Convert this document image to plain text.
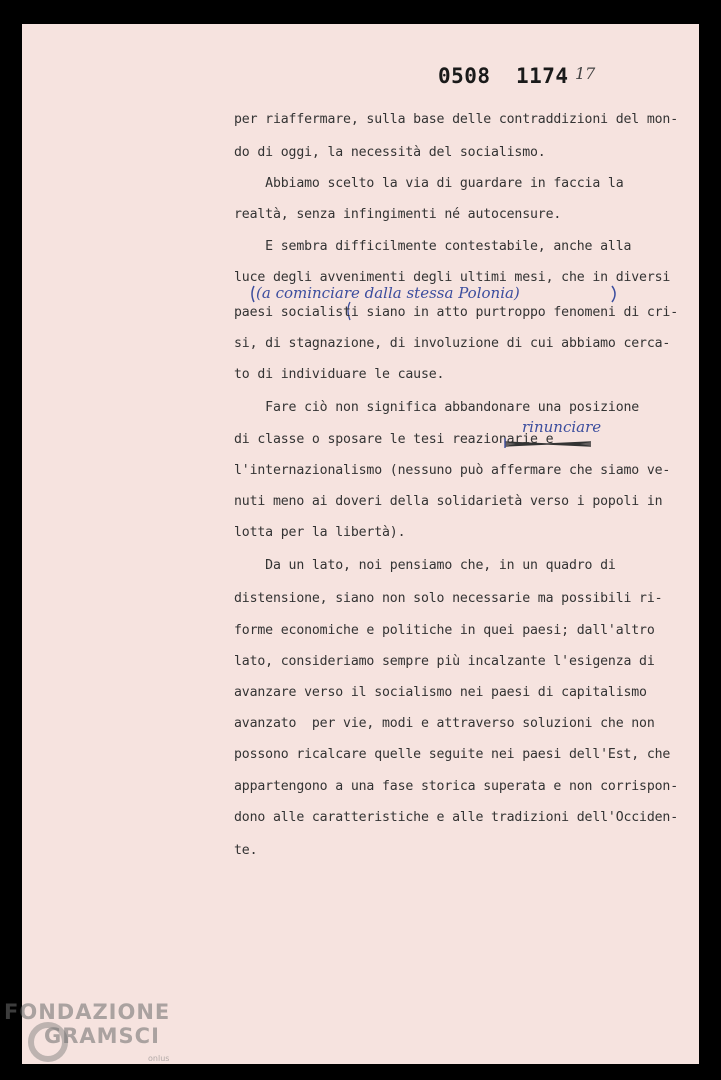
0508 1174 17
per riaffermare, sulla base delle contraddizioni del mon-
do di oggi, la necessità del socialismo.
Abbiamo scelto la via di guardare in faccia la
realtà, senza infingimenti né autocensure.
E sembra difficilmente contestabile, anche alla
luce degli avvenimenti degli ultimi mesi, che in diversi
(a cominciare dalla stessa Polonia)
paesi socialisti siano in atto purtroppo fenomeni di cri-
si, di stagnazione, di involuzione di cui abbiamo cerca-
to di individuare le cause.
Fare ciò non significa abbandonare una posizione
di classe o sposare le tesi reazionarie e
rinunciare
l'internazionalismo (nessuno può affermare che siamo ve-
nuti meno ai doveri della solidarietà verso i popoli in
lotta per la libertà).
Da un lato, noi pensiamo che, in un quadro di
distensione, siano non solo necessarie ma possibili ri-
forme economiche e politiche in quei paesi; dall'altro
lato, consideriamo sempre più incalzante l'esigenza di
avanzare verso il socialismo nei paesi di capitalismo
avanzato  per vie, modi e attraverso soluzioni che non
possono ricalcare quelle seguite nei paesi dell'Est, che
appartengono a una fase storica superata e non corrispon-
dono alle caratteristiche e alle tradizioni dell'Occiden-
te.
FONDAZIONE
GRAMSCI
onlus
